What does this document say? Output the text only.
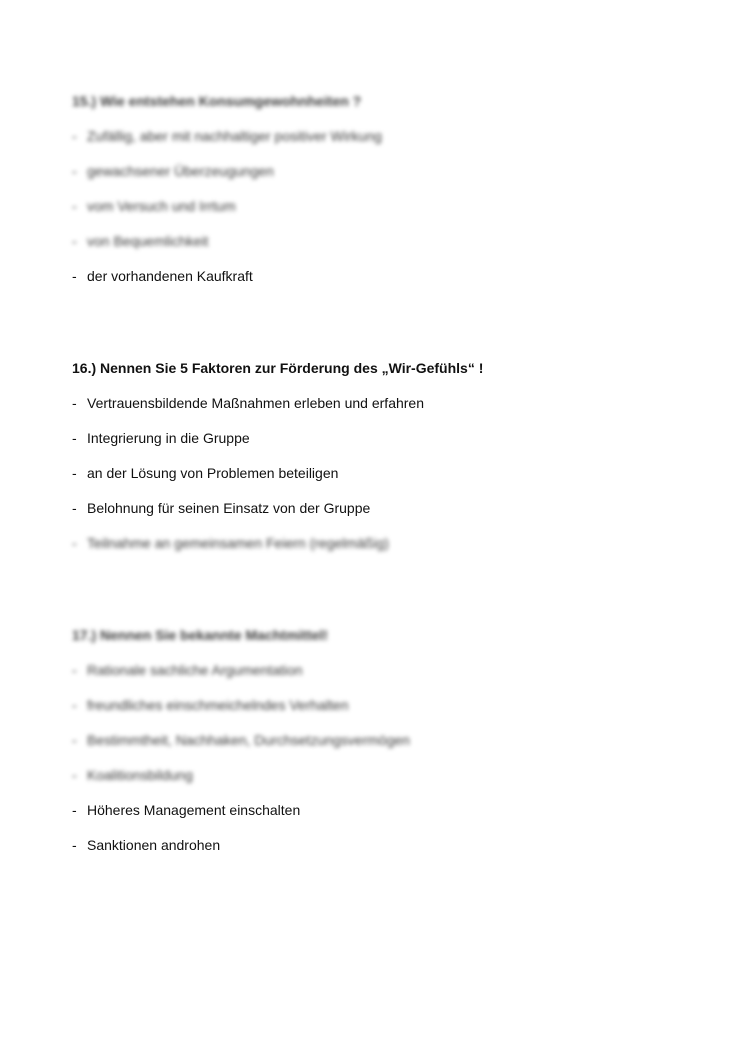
15.) Wie entstehen Konsumgewohnheiten ?
- Zufällig, aber mit nachhaltiger positiver Wirkung
- gewachsener Überzeugungen
- vom Versuch und Irrtum
- von Bequemlichkeit
- der vorhandenen Kaufkraft
16.) Nennen Sie 5 Faktoren zur Förderung des „Wir-Gefühls“ !
- Vertrauensbildende Maßnahmen erleben und erfahren
- Integrierung in die Gruppe
- an der Lösung von Problemen beteiligen
- Belohnung für seinen Einsatz von der Gruppe
- Teilnahme an gemeinsamen Feiern (regelmäßig)
17.) Nennen Sie bekannte Machtmittel!
- Rationale sachliche Argumentation
- freundliches einschmeichelndes Verhalten
- Bestimmtheit, Nachhaken, Durchsetzungsvermögen
- Koalitionsbildung
- Höheres Management einschalten
- Sanktionen androhen
